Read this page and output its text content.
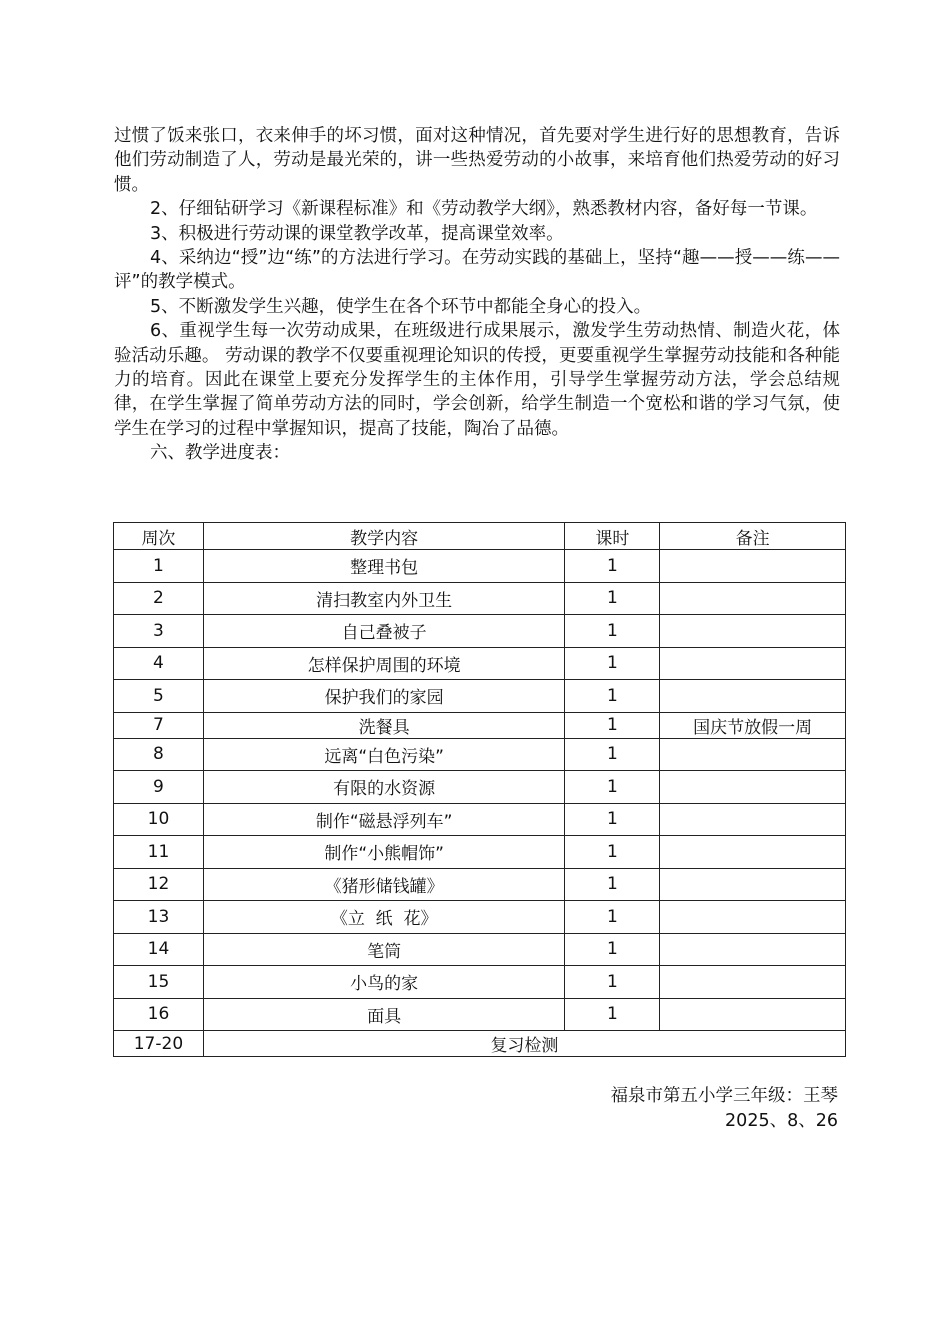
过惯了饭来张口，衣来伸手的坏习惯，面对这种情况，首先要对学生进行好的思想教育，告诉他们劳动制造了人，劳动是最光荣的，讲一些热爱劳动的小故事，来培育他们热爱劳动的好习惯。

2、仔细钻研学习《新课程标准》和《劳动教学大纲》，熟悉教材内容，备好每一节课。

3、积极进行劳动课的课堂教学改革，提高课堂效率。

4、采纳边“授”边“练”的方法进行学习。在劳动实践的基础上，坚持“趣——授——练——评”的教学模式。

5、不断激发学生兴趣，使学生在各个环节中都能全身心的投入。

6、重视学生每一次劳动成果，在班级进行成果展示，激发学生劳动热情、制造火花，体验活动乐趣。 劳动课的教学不仅要重视理论知识的传授，更要重视学生掌握劳动技能和各种能力的培育。因此在课堂上要充分发挥学生的主体作用，引导学生掌握劳动方法，学会总结规律，在学生掌握了简单劳动方法的同时，学会创新，给学生制造一个宽松和谐的学习气氛，使学生在学习的过程中掌握知识，提高了技能，陶冶了品德。

六、教学进度表：

周次	教学内容	课时	备注
1	整理书包	1	
2	清扫教室内外卫生	1	
3	自己叠被子	1	
4	怎样保护周围的环境	1	
5	保护我们的家园	1	
7	洗餐具	1	国庆节放假一周
8	远离“白色污染”	1	
9	有限的水资源	1	
10	制作“磁悬浮列车”	1	
11	制作“小熊帽饰”	1	
12	《猪形储钱罐》	1	
13	《立  纸  花》	1	
14	笔筒	1	
15	小鸟的家	1	
16	面具	1	
17-20	复习检测		
福泉市第五小学三年级：王琴
2025、8、26
